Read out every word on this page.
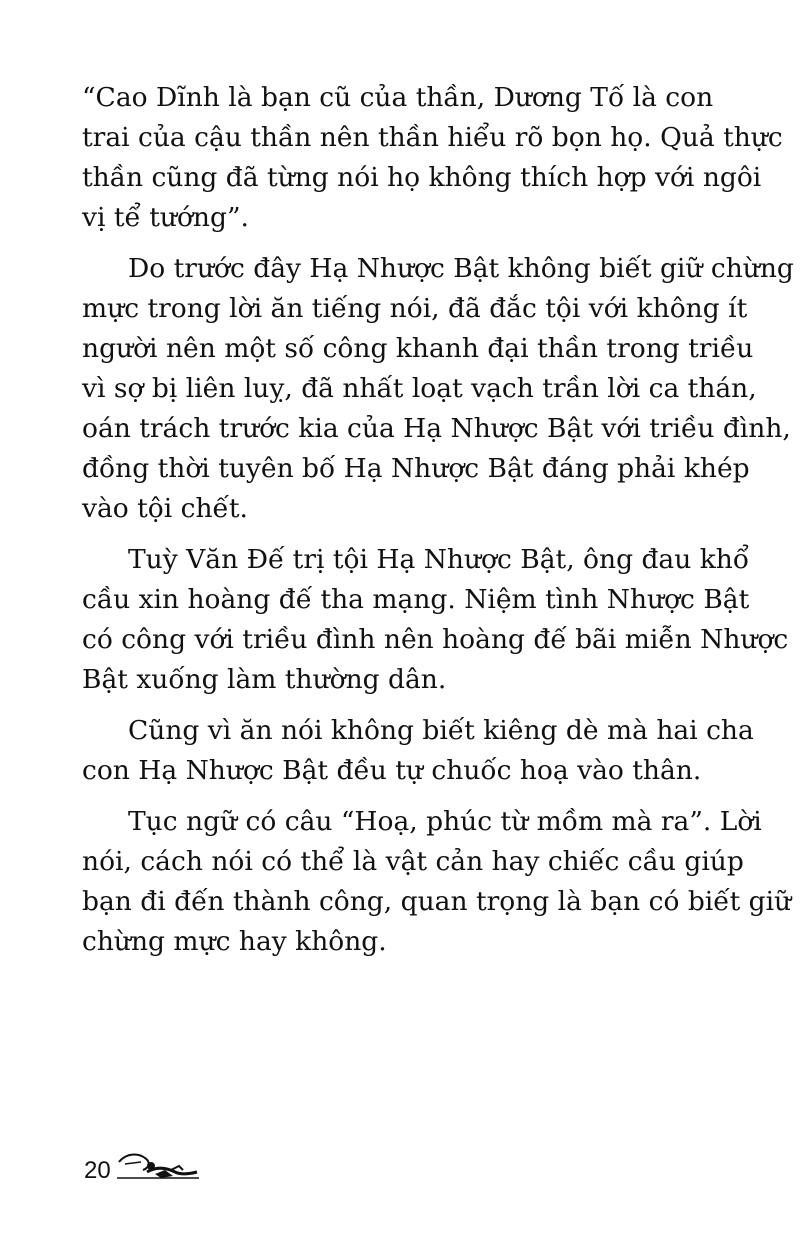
“Cao Dĩnh là bạn cũ của thần, Dương Tố là con
trai của cậu thần nên thần hiểu rõ bọn họ. Quả thực
thần cũng đã từng nói họ không thích hợp với ngôi
vị tể tướng”.

Do trước đây Hạ Nhược Bật không biết giữ chừng
mực trong lời ăn tiếng nói, đã đắc tội với không ít
người nên một số công khanh đại thần trong triều
vì sợ bị liên luỵ, đã nhất loạt vạch trần lời ca thán,
oán trách trước kia của Hạ Nhược Bật với triều đình,
đồng thời tuyên bố Hạ Nhược Bật đáng phải khép
vào tội chết.

Tuỳ Văn Đế trị tội Hạ Nhược Bật, ông đau khổ
cầu xin hoàng đế tha mạng. Niệm tình Nhược Bật
có công với triều đình nên hoàng đế bãi miễn Nhược
Bật xuống làm thường dân.

Cũng vì ăn nói không biết kiêng dè mà hai cha
con Hạ Nhược Bật đều tự chuốc hoạ vào thân.

Tục ngữ có câu “Hoạ, phúc từ mồm mà ra”. Lời
nói, cách nói có thể là vật cản hay chiếc cầu giúp
bạn đi đến thành công, quan trọng là bạn có biết giữ
chừng mực hay không.

20
